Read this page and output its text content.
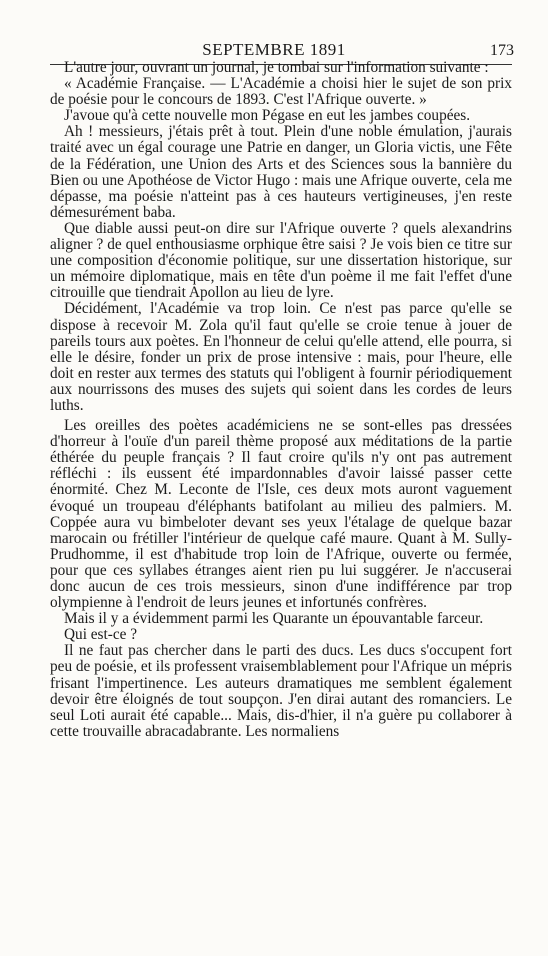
SEPTEMBRE 1891	173

L'autre jour, ouvrant un journal, je tombai sur l'information suivante :

« Académie Française. — L'Académie a choisi hier le sujet de son prix de poésie pour le concours de 1893. C'est l'Afrique ouverte. »

J'avoue qu'à cette nouvelle mon Pégase en eut les jambes coupées.

Ah ! messieurs, j'étais prêt à tout. Plein d'une noble émulation, j'aurais traité avec un égal courage une Patrie en danger, un Gloria victis, une Fête de la Fédération, une Union des Arts et des Sciences sous la bannière du Bien ou une Apothéose de Victor Hugo : mais une Afrique ouverte, cela me dépasse, ma poésie n'atteint pas à ces hauteurs vertigineuses, j'en reste démesurément baba.

Que diable aussi peut-on dire sur l'Afrique ouverte ? quels alexandrins aligner ? de quel enthousiasme orphique être saisi ? Je vois bien ce titre sur une composition d'économie politique, sur une dissertation historique, sur un mémoire diplomatique, mais en tête d'un poème il me fait l'effet d'une citrouille que tiendrait Apollon au lieu de lyre.

Décidément, l'Académie va trop loin. Ce n'est pas parce qu'elle se dispose à recevoir M. Zola qu'il faut qu'elle se croie tenue à jouer de pareils tours aux poètes. En l'honneur de celui qu'elle attend, elle pourra, si elle le désire, fonder un prix de prose intensive : mais, pour l'heure, elle doit en rester aux termes des statuts qui l'obligent à fournir périodiquement aux nourrissons des muses des sujets qui soient dans les cordes de leurs luths.

Les oreilles des poètes académiciens ne se sont-elles pas dressées d'horreur à l'ouïe d'un pareil thème proposé aux méditations de la partie éthérée du peuple français ? Il faut croire qu'ils n'y ont pas autrement réfléchi : ils eussent été impardonnables d'avoir laissé passer cette énormité. Chez M. Leconte de l'Isle, ces deux mots auront vaguement évoqué un troupeau d'éléphants batifolant au milieu des palmiers. M. Coppée aura vu bimbeloter devant ses yeux l'étalage de quelque bazar marocain ou frétiller l'intérieur de quelque café maure. Quant à M. Sully-Prudhomme, il est d'habitude trop loin de l'Afrique, ouverte ou fermée, pour que ces syllabes étranges aient rien pu lui suggérer. Je n'accuserai donc aucun de ces trois messieurs, sinon d'une indifférence par trop olympienne à l'endroit de leurs jeunes et infortunés confrères.

Mais il y a évidemment parmi les Quarante un épouvantable farceur.

Qui est-ce ?

Il ne faut pas chercher dans le parti des ducs. Les ducs s'occupent fort peu de poésie, et ils professent vraisemblablement pour l'Afrique un mépris frisant l'impertinence. Les auteurs dramatiques me semblent également devoir être éloignés de tout soupçon. J'en dirai autant des romanciers. Le seul Loti aurait été capable... Mais, dis-d'hier, il n'a guère pu collaborer à cette trouvaille abracadabrante. Les normaliens
